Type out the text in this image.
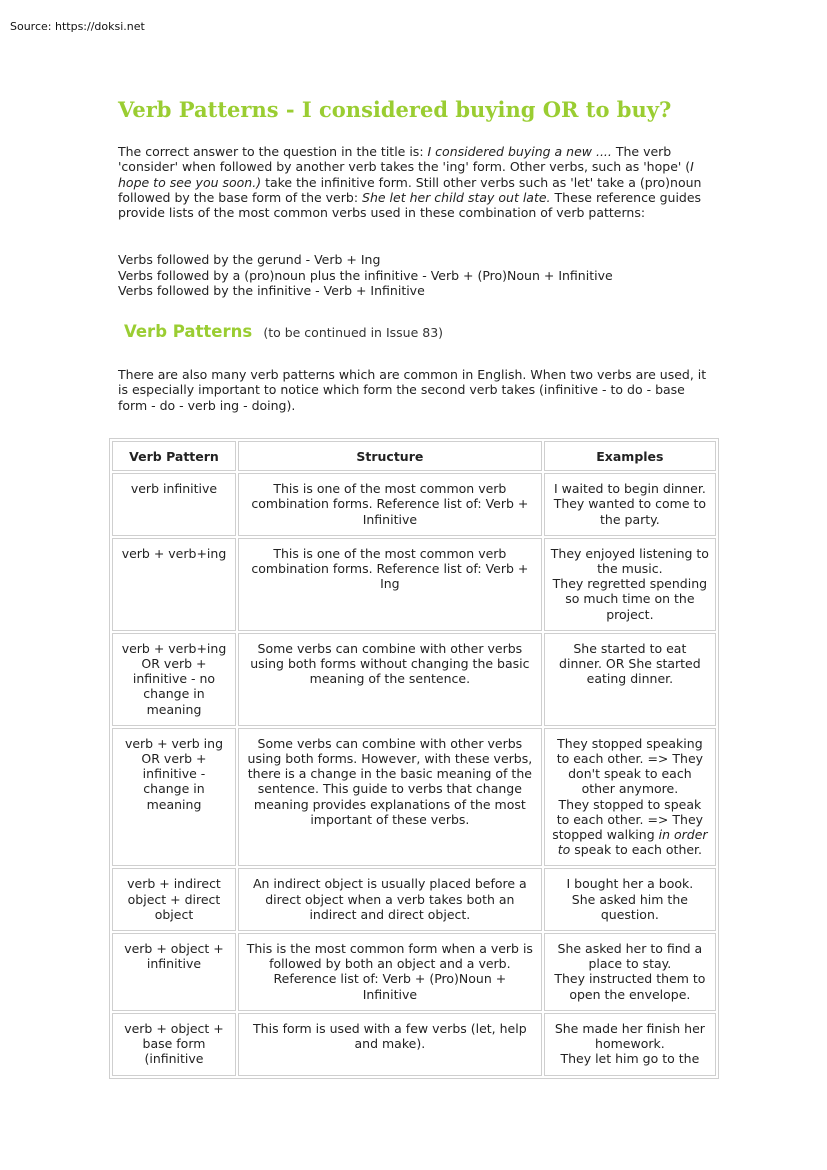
Source: https://doksi.net
Verb Patterns - I considered buying OR to buy?

The correct answer to the question in the title is: I considered buying a new .... The verb 'consider' when followed by another verb takes the 'ing' form. Other verbs, such as 'hope' (I hope to see you soon.) take the infinitive form. Still other verbs such as 'let' take a (pro)noun followed by the base form of the verb: She let her child stay out late. These reference guides provide lists of the most common verbs used in these combination of verb patterns:

Verbs followed by the gerund - Verb + Ing
Verbs followed by a (pro)noun plus the infinitive - Verb + (Pro)Noun + Infinitive
Verbs followed by the infinitive - Verb + Infinitive
Verb Patterns (to be continued in Issue 83)

There are also many verb patterns which are common in English. When two verbs are used, it is especially important to notice which form the second verb takes (infinitive - to do - base form - do - verb ing - doing).

Verb Pattern	Structure	Examples
verb infinitive	This is one of the most common verb combination forms. Reference list of: Verb + Infinitive	I waited to begin dinner.
They wanted to come to the party.

verb + verb+ing	This is one of the most common verb combination forms. Reference list of: Verb + Ing	They enjoyed listening to the music.
They regretted spending so much time on the project.

verb + verb+ing OR verb + infinitive - no change in meaning	Some verbs can combine with other verbs using both forms without changing the basic meaning of the sentence.	She started to eat dinner. OR She started eating dinner.

verb + verb ing OR verb + infinitive - change in meaning	Some verbs can combine with other verbs using both forms. However, with these verbs, there is a change in the basic meaning of the sentence. This guide to verbs that change meaning provides explanations of the most important of these verbs.	They stopped speaking to each other. => They don't speak to each other anymore.
They stopped to speak to each other. => They stopped walking in order to speak to each other.

verb + indirect object + direct object	An indirect object is usually placed before a direct object when a verb takes both an indirect and direct object.	I bought her a book.
She asked him the question.

verb + object + infinitive	This is the most common form when a verb is followed by both an object and a verb. Reference list of: Verb + (Pro)Noun + Infinitive	She asked her to find a place to stay.
They instructed them to open the envelope.

verb + object + base form (infinitive	This form is used with a few verbs (let, help and make).	She made her finish her homework.
They let him go to the
